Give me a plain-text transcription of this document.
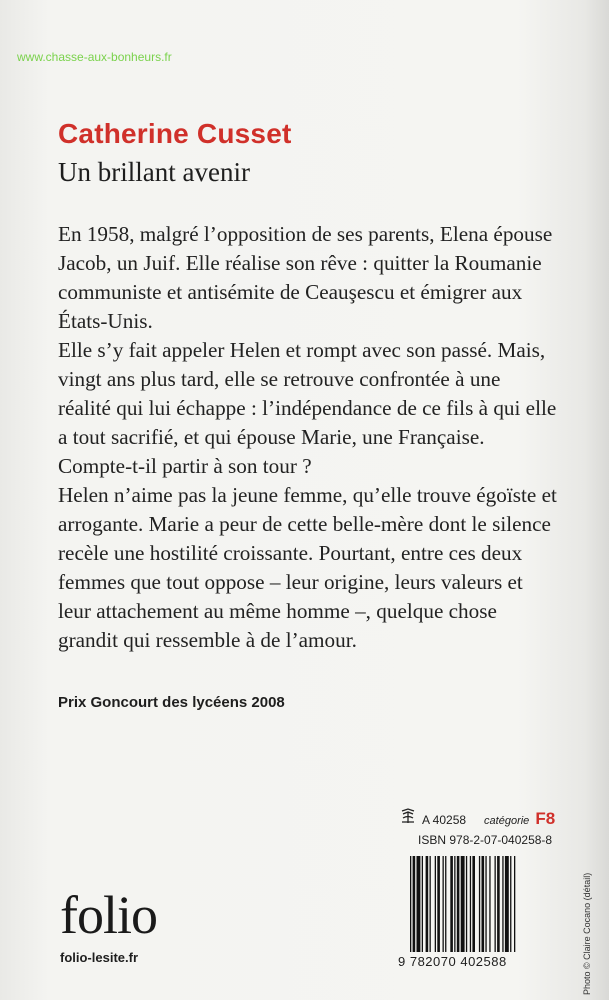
www.chasse-aux-bonheurs.fr
Catherine Cusset
Un brillant avenir

En 1958, malgré l’opposition de ses parents, Elena épouse Jacob, un Juif. Elle réalise son rêve : quitter la Roumanie communiste et antisémite de Ceauşescu et émigrer aux États-Unis.

Elle s’y fait appeler Helen et rompt avec son passé. Mais, vingt ans plus tard, elle se retrouve confrontée à une réalité qui lui échappe : l’indépendance de ce fils à qui elle a tout sacrifié, et qui épouse Marie, une Française. Compte-t-il partir à son tour ?

Helen n’aime pas la jeune femme, qu’elle trouve égoïste et arrogante. Marie a peur de cette belle-mère dont le silence recèle une hostilité croissante. Pourtant, entre ces deux femmes que tout oppose – leur origine, leurs valeurs et leur attachement au même homme –, quelque chose grandit qui ressemble à de l’amour.

Prix Goncourt des lycéens 2008
A 40258 catégorie F8
ISBN 978-2-07-040258-8
9 782070 402588	Photo © Claire Cocano (détail)
folio
folio-lesite.fr
